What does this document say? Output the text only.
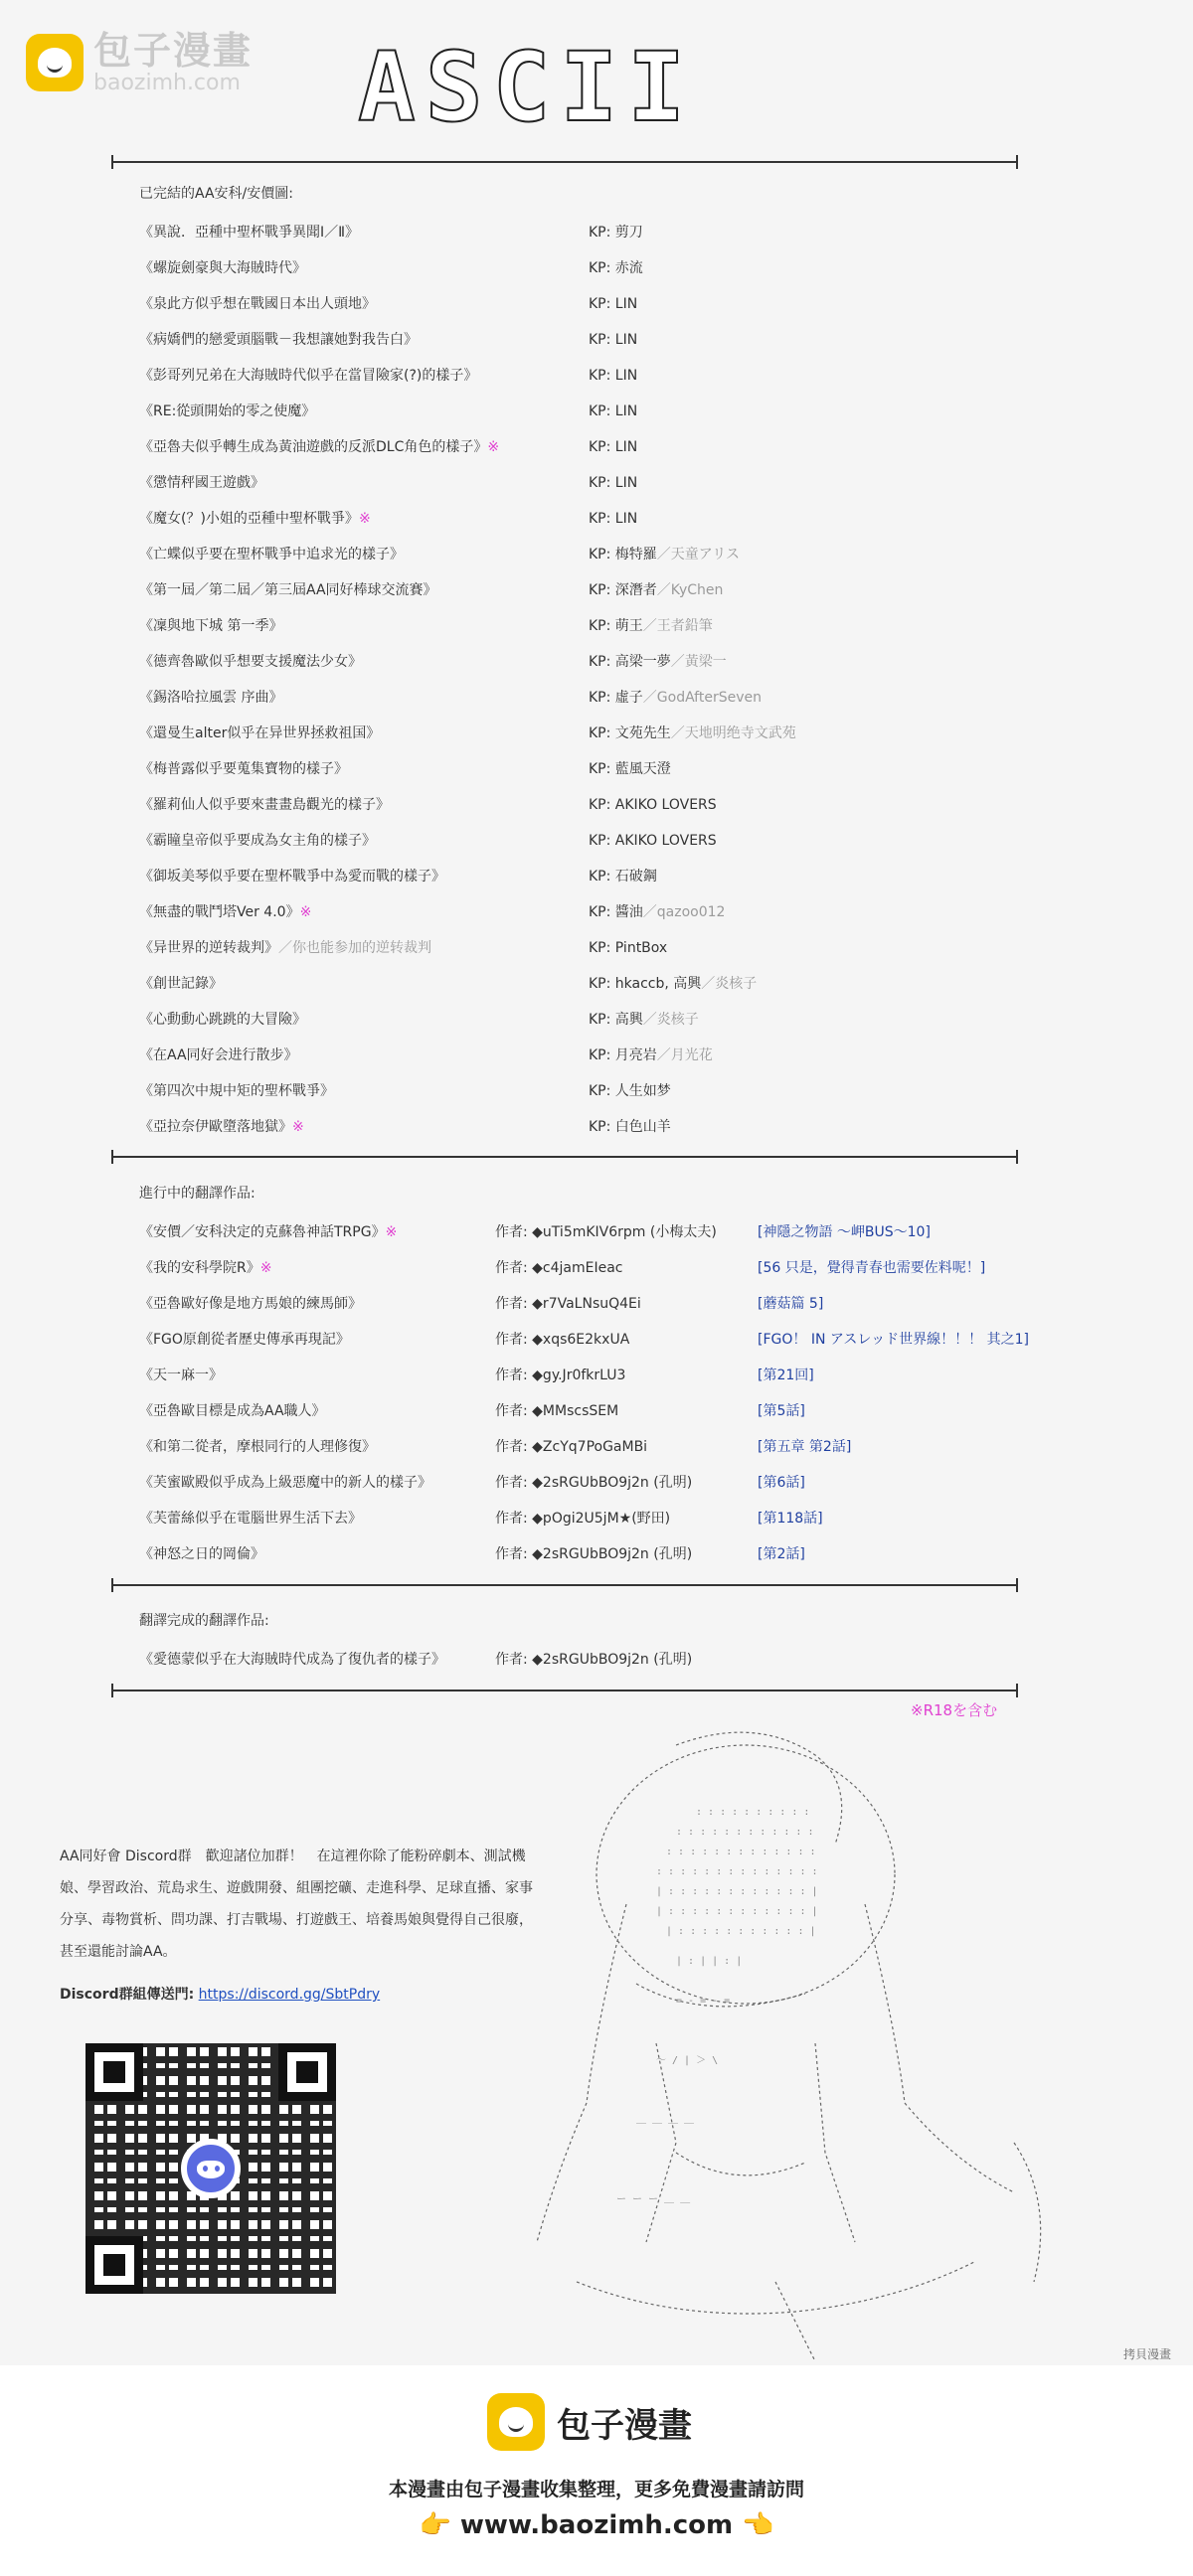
包子漫畫
baozimh.com ASCII
已完結的AA安科/安價圖:
《異說．亞種中聖杯戰爭異聞Ⅰ／Ⅱ》	KP: 剪刀
《螺旋劍豪與大海賊時代》	KP: 赤流
《泉此方似乎想在戰國日本出人頭地》	KP: LIN
《病嬌們的戀愛頭腦戰－我想讓她對我告白》	KP: LIN
《彭哥列兄弟在大海賊時代似乎在當冒險家(?)的樣子》	KP: LIN
《RE:從頭開始的零之使魔》	KP: LIN
《亞魯夫似乎轉生成為黃油遊戲的反派DLC角色的樣子》※	KP: LIN
《懲情秤國王遊戲》	KP: LIN
《魔女(？)小姐的亞種中聖杯戰爭》※	KP: LIN
《亡蝶似乎要在聖杯戰爭中追求光的樣子》	KP: 梅特羅／天童アリス
《第一屆／第二屆／第三屆AA同好棒球交流賽》	KP: 深潛者／KyChen
《凜與地下城 第一季》	KP: 萌王／王者鉛筆
《德齊魯歐似乎想要支援魔法少女》	KP: 高梁一夢／黃梁一
《錫洛哈拉風雲 序曲》	KP: 虛子／GodAfterSeven
《還曼生alter似乎在异世界拯救祖国》	KP: 文苑先生／天地明绝寺文武苑
《梅普露似乎要蒐集寶物的樣子》	KP: 藍風天澄
《羅莉仙人似乎要來畫畫島觀光的樣子》	KP: AKIKO LOVERS
《霸瞳皇帝似乎要成為女主角的樣子》	KP: AKIKO LOVERS
《御坂美琴似乎要在聖杯戰爭中為愛而戰的樣子》	KP: 石破鋼
《無盡的戰鬥塔Ver 4.0》※	KP: 醬油／qazoo012
《异世界的逆转裁判》／你也能参加的逆转裁判	KP: PintBox
《創世記錄》	KP: hkaccb, 高興／炎核子
《心動動心跳跳的大冒險》	KP: 高興／炎核子
《在AA同好会进行散步》	KP: 月亮岩／月光花
《第四次中規中矩的聖杯戰爭》	KP: 人生如梦
《亞拉奈伊歐墮落地獄》※	KP: 白色山羊
進行中的翻譯作品:
《安價／安科決定的克蘇魯神話TRPG》※	作者: ◆uTi5mKIV6rpm (小梅太夫)	[神隱之物語 ～岬BUS～10]
《我的安科學院R》※	作者: ◆c4jamEIeac	[56 只是，覺得青春也需要佐料呢！]
《亞魯歐好像是地方馬娘的練馬師》	作者: ◆r7VaLNsuQ4Ei	[蘑菇篇 5]
《FGO原創從者歷史傳承再現記》	作者: ◆xqs6E2kxUA	[FGO！ IN アスレッド世界線！！！ 其之1]
《天一麻一》	作者: ◆gy.Jr0fkrLU3	[第21回]
《亞魯歐目標是成為AA職人》	作者: ◆MMscsSEM	[第5話]
《和第二從者，摩根同行的人理修復》	作者: ◆ZcYq7PoGaMBi	[第五章 第2話]
《芙蜜歐殿似乎成為上級惡魔中的新人的樣子》	作者: ◆2sRGUbBO9j2n (孔明)	[第6話]
《芙蕾絲似乎在電腦世界生活下去》	作者: ◆pOgi2U5jM★(野田)	[第118話]
《神怒之日的岡倫》	作者: ◆2sRGUbBO9j2n (孔明)	[第2話]
翻譯完成的翻譯作品:
《愛德蒙似乎在大海賊時代成為了復仇者的樣子》	作者: ◆2sRGUbBO9j2n (孔明)
※R18を含む
AA同好會 Discord群　歡迎諸位加群！　在這裡你除了能粉碎劇本、測試機娘、學習政治、荒島求生、遊戲開發、組團挖礦、走進科學、足球直播、家事分享、毒物賞析、問功課、打吉戰場、打遊戲王、培養馬娘與覺得自己很廢，甚至還能討論AA。
Discord群組傳送門: https://discord.gg/SbtPdry
: : : : : : : : : :
: : : : : : : : : : : :
: : : : : : : : : : : : :
: : : : : : : : : : : : : :
| : : : : : : : : : : : : |
| : : : : : : : : : : : : |
| : : : : : : : : : : : |
| : | | : |
= - = - =
～ / | ＞ \
＿ ＿ ＿ ＿
ー ー ー ＿ ＿
拷貝漫畫
包子漫畫
本漫畫由包子漫畫收集整理，更多免費漫畫請訪問
👉 www.baozimh.com 👈
